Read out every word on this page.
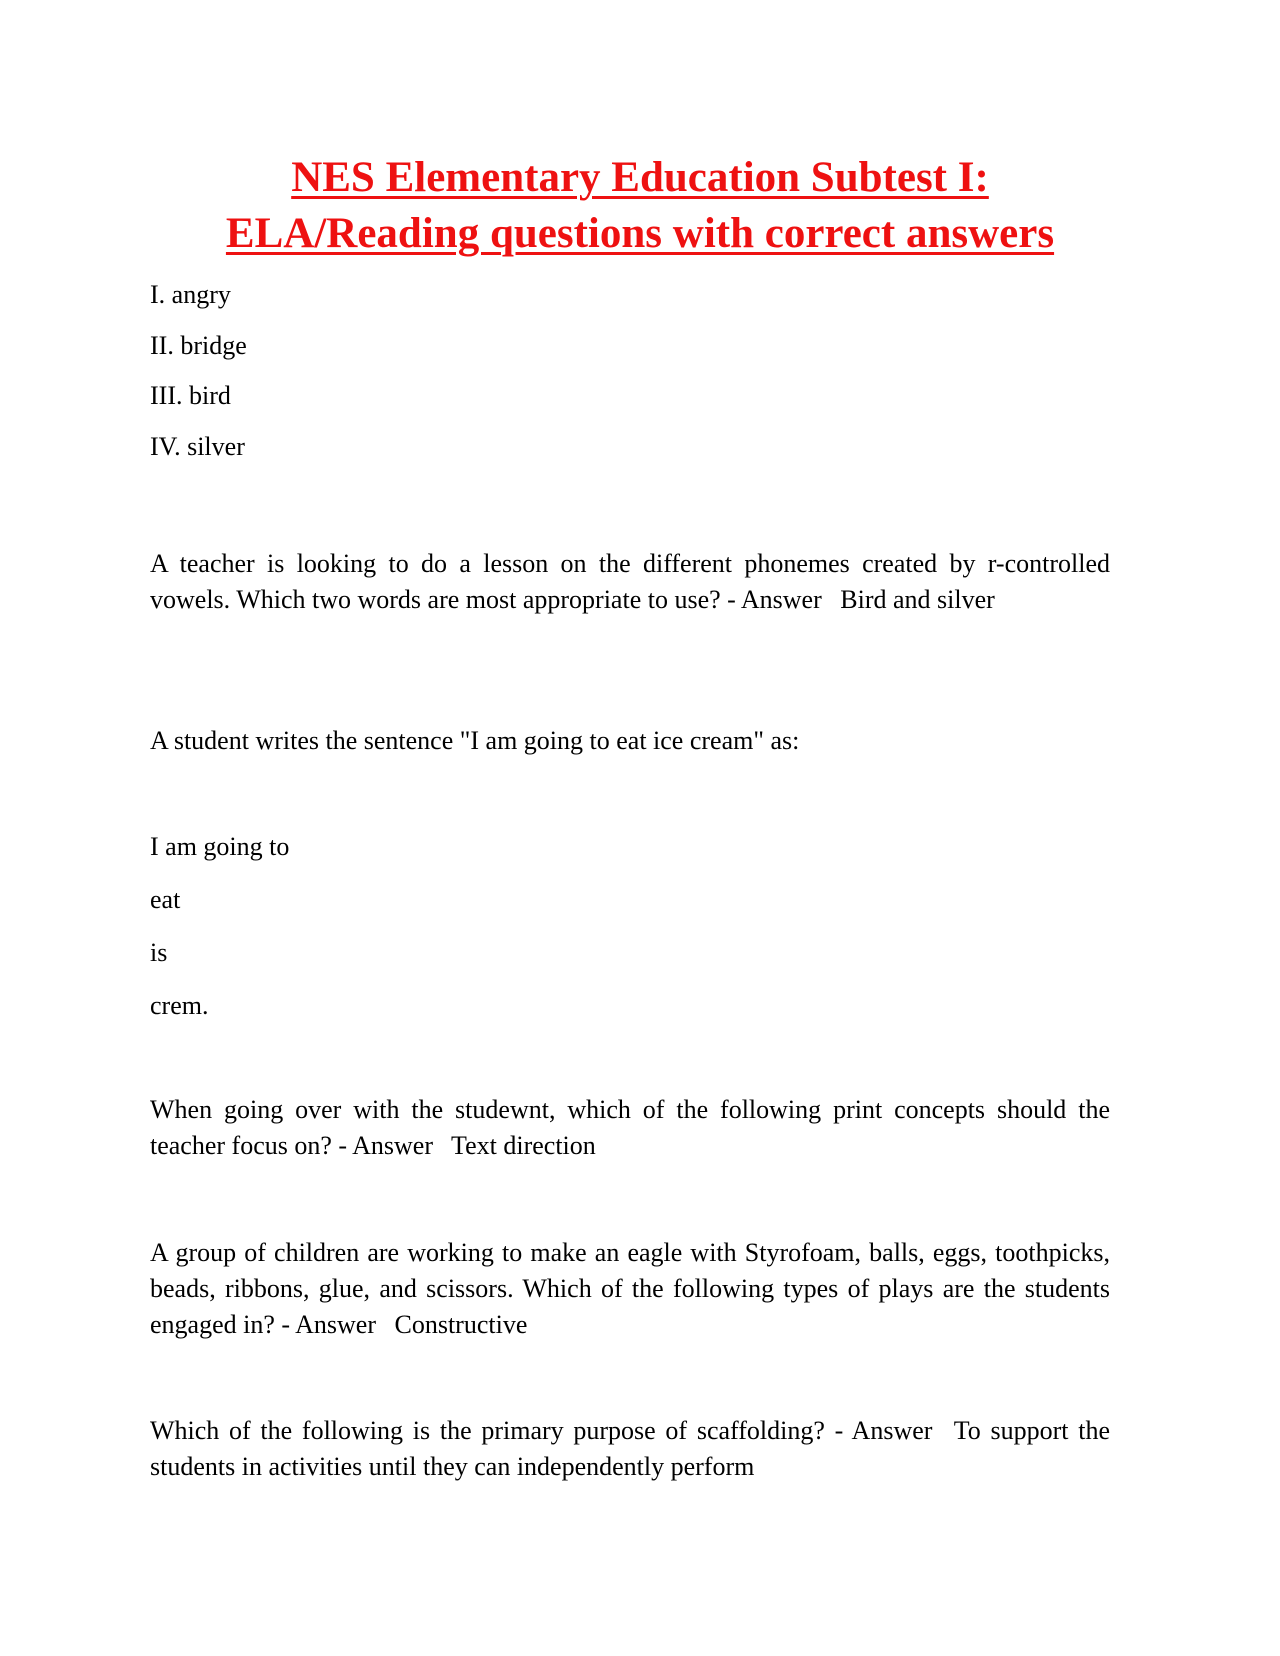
NES Elementary Education Subtest I:
ELA/Reading questions with correct answers

I. angry

II. bridge

III. bird

IV. silver

A teacher is looking to do a lesson on the different phonemes created by r-controlled vowels. Which two words are most appropriate to use? - Answer Bird and silver

A student writes the sentence "I am going to eat ice cream" as:

I am going to

eat

is

crem.

When going over with the studewnt, which of the following print concepts should the teacher focus on? - Answer Text direction

A group of children are working to make an eagle with Styrofoam, balls, eggs, toothpicks, beads, ribbons, glue, and scissors. Which of the following types of plays are the students engaged in? - Answer Constructive

Which of the following is the primary purpose of scaffolding? - Answer To support the students in activities until they can independently perform
